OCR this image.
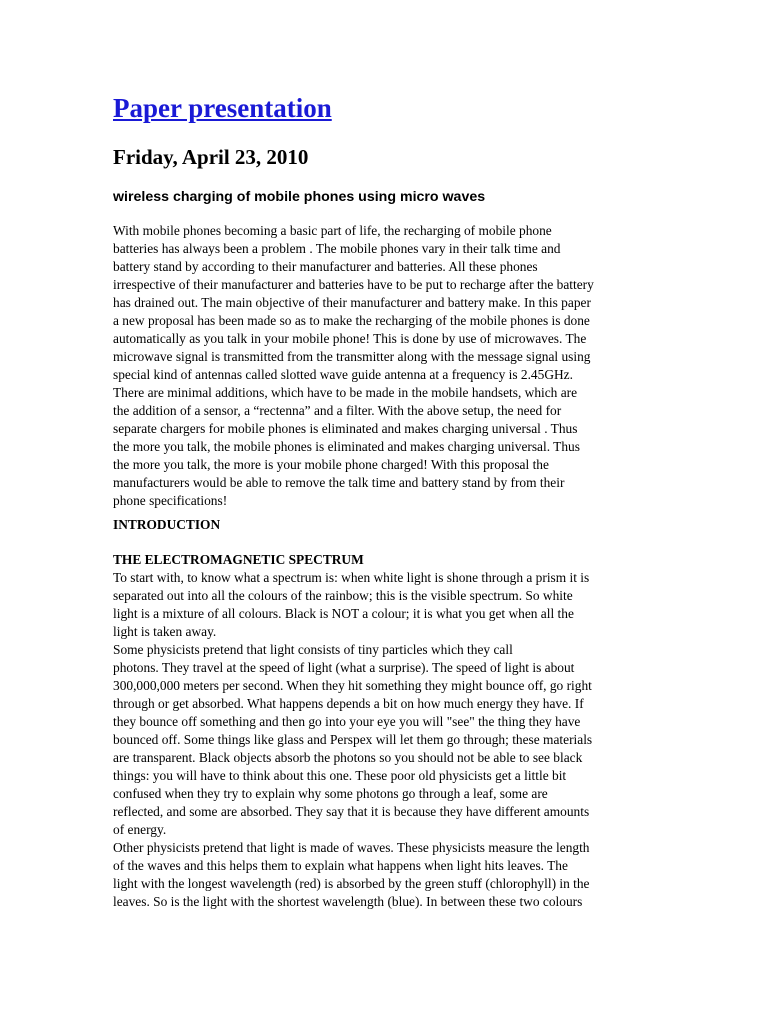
Paper presentation
Friday, April 23, 2010
wireless charging of mobile phones using micro waves
With mobile phones becoming a basic part of life, the recharging of mobile phone
batteries has always been a problem . The mobile phones vary in their talk time and
battery stand by according to their manufacturer and batteries. All these phones
irrespective of their manufacturer and batteries have to be put to recharge after the battery
has drained out. The main objective of their manufacturer and battery make. In this paper
a new proposal has been made so as to make the recharging of the mobile phones is done
automatically as you talk in your mobile phone! This is done by use of microwaves. The
microwave signal is transmitted from the transmitter along with the message signal using
special kind of antennas called slotted wave guide antenna at a frequency is 2.45GHz.
There are minimal additions, which have to be made in the mobile handsets, which are
the addition of a sensor, a “rectenna” and a filter. With the above setup, the need for
separate chargers for mobile phones is eliminated and makes charging universal . Thus
the more you talk, the mobile phones is eliminated and makes charging universal. Thus
the more you talk, the more is your mobile phone charged! With this proposal the
manufacturers would be able to remove the talk time and battery stand by from their
phone specifications!
INTRODUCTION
THE ELECTROMAGNETIC SPECTRUM
To start with, to know what a spectrum is: when white light is shone through a prism it is
separated out into all the colours of the rainbow; this is the visible spectrum. So white
light is a mixture of all colours. Black is NOT a colour; it is what you get when all the
light is taken away.
Some physicists pretend that light consists of tiny particles which they call
photons. They travel at the speed of light (what a surprise). The speed of light is about
300,000,000 meters per second. When they hit something they might bounce off, go right
through or get absorbed. What happens depends a bit on how much energy they have. If
they bounce off something and then go into your eye you will "see" the thing they have
bounced off. Some things like glass and Perspex will let them go through; these materials
are transparent. Black objects absorb the photons so you should not be able to see black
things: you will have to think about this one. These poor old physicists get a little bit
confused when they try to explain why some photons go through a leaf, some are
reflected, and some are absorbed. They say that it is because they have different amounts
of energy.
Other physicists pretend that light is made of waves. These physicists measure the length
of the waves and this helps them to explain what happens when light hits leaves. The
light with the longest wavelength (red) is absorbed by the green stuff (chlorophyll) in the
leaves. So is the light with the shortest wavelength (blue). In between these two colours
